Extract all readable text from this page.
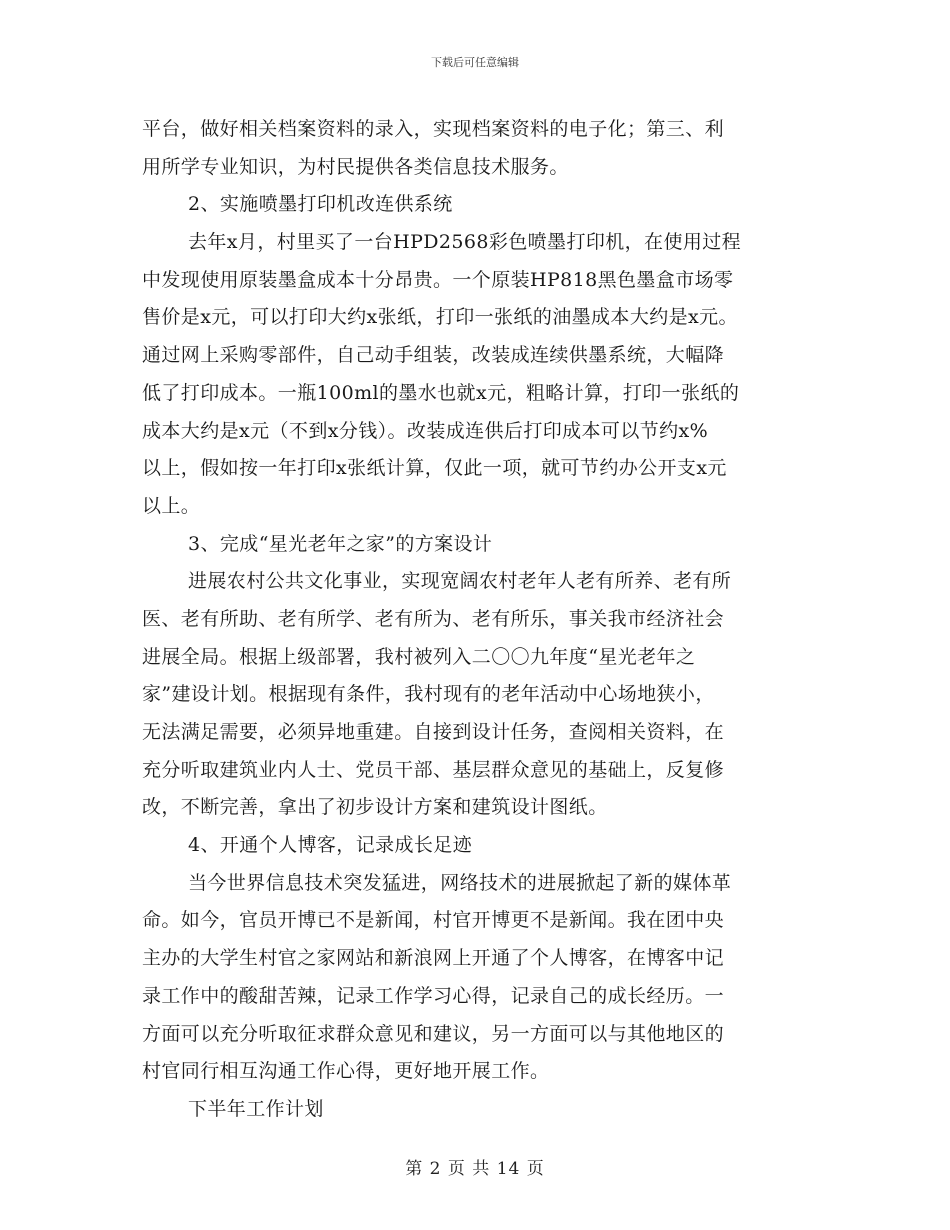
下载后可任意编辑
平台，做好相关档案资料的录入，实现档案资料的电子化；第三、利
用所学专业知识，为村民提供各类信息技术服务。
2、实施喷墨打印机改连供系统
去年x月，村里买了一台HPD2568彩色喷墨打印机，在使用过程
中发现使用原装墨盒成本十分昂贵。一个原装HP818黑色墨盒市场零
售价是x元，可以打印大约x张纸，打印一张纸的油墨成本大约是x元。
通过网上采购零部件，自己动手组装，改装成连续供墨系统，大幅降
低了打印成本。一瓶100ml的墨水也就x元，粗略计算，打印一张纸的
成本大约是x元（不到x分钱）。改装成连供后打印成本可以节约x%
以上，假如按一年打印x张纸计算，仅此一项，就可节约办公开支x元
以上。
3、完成“星光老年之家”的方案设计
进展农村公共文化事业，实现宽阔农村老年人老有所养、老有所
医、老有所助、老有所学、老有所为、老有所乐，事关我市经济社会
进展全局。根据上级部署，我村被列入二〇〇九年度“星光老年之
家”建设计划。根据现有条件，我村现有的老年活动中心场地狭小，
无法满足需要，必须异地重建。自接到设计任务，查阅相关资料，在
充分听取建筑业内人士、党员干部、基层群众意见的基础上，反复修
改，不断完善，拿出了初步设计方案和建筑设计图纸。
4、开通个人博客，记录成长足迹
当今世界信息技术突发猛进，网络技术的进展掀起了新的媒体革
命。如今，官员开博已不是新闻，村官开博更不是新闻。我在团中央
主办的大学生村官之家网站和新浪网上开通了个人博客，在博客中记
录工作中的酸甜苦辣，记录工作学习心得，记录自己的成长经历。一
方面可以充分听取征求群众意见和建议，另一方面可以与其他地区的
村官同行相互沟通工作心得，更好地开展工作。
下半年工作计划
第 2 页 共 14 页
